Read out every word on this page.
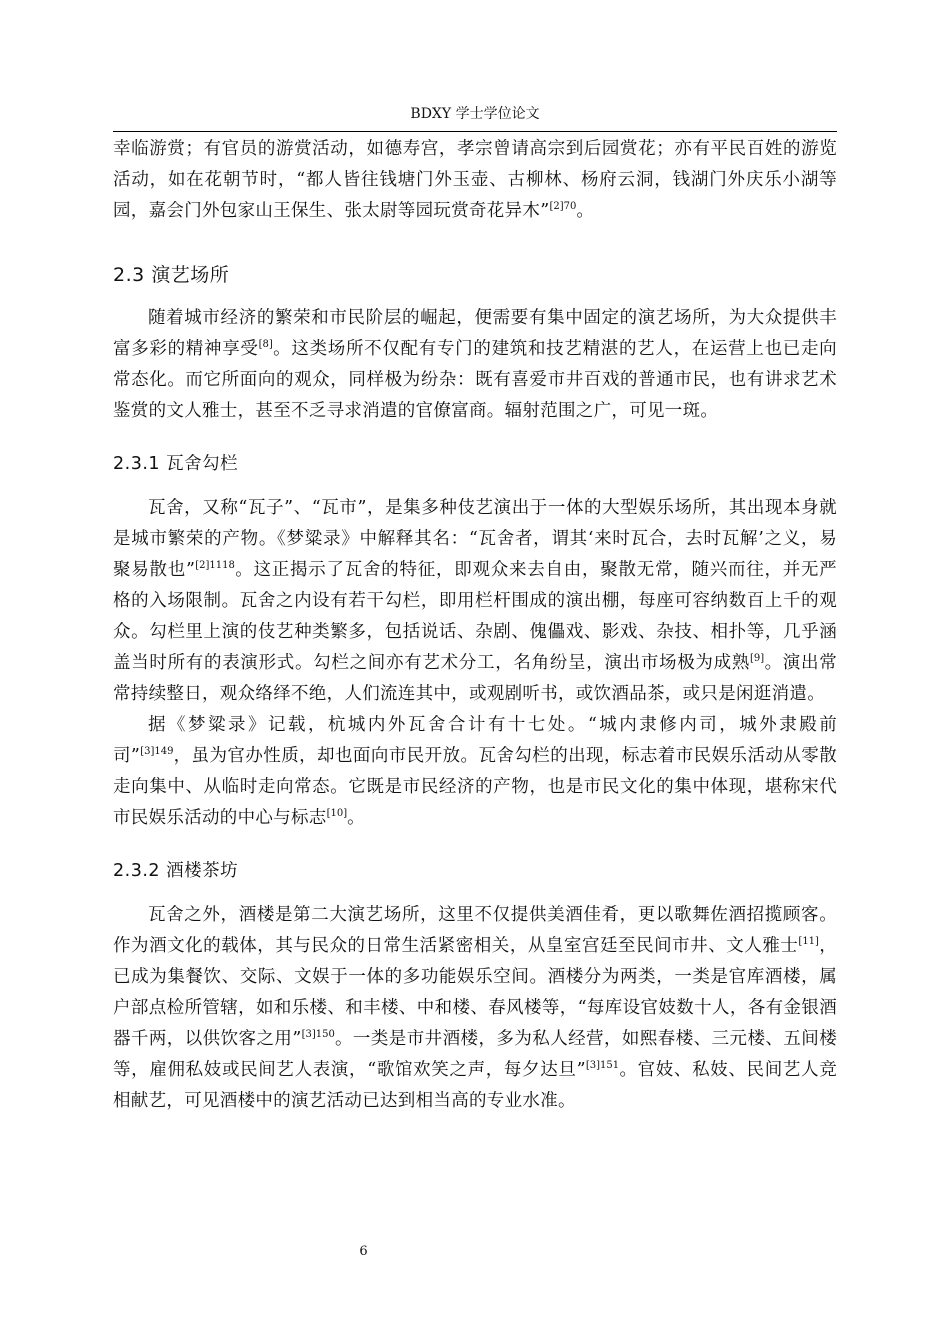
BDXY 学士学位论文

幸临游赏；有官员的游赏活动，如德寿宫，孝宗曾请高宗到后园赏花；亦有平民百姓的游览活动，如在花朝节时，“都人皆往钱塘门外玉壶、古柳林、杨府云洞，钱湖门外庆乐小湖等园，嘉会门外包家山王保生、张太尉等园玩赏奇花异木”$^{[2]70}$。

2.3 演艺场所

随着城市经济的繁荣和市民阶层的崛起，便需要有集中固定的演艺场所，为大众提供丰富多彩的精神享受[8]。这类场所不仅配有专门的建筑和技艺精湛的艺人，在运营上也已走向常态化。而它所面向的观众，同样极为纷杂：既有喜爱市井百戏的普通市民，也有讲求艺术鉴赏的文人雅士，甚至不乏寻求消遣的官僚富商。辐射范围之广，可见一斑。

2.3.1 瓦舍勾栏

瓦舍，又称“瓦子”、“瓦市”，是集多种伎艺演出于一体的大型娱乐场所，其出现本身就是城市繁荣的产物。《梦粱录》中解释其名：“瓦舍者，谓其‘来时瓦合，去时瓦解’之义，易聚易散也”$^{[2]1118}$。这正揭示了瓦舍的特征，即观众来去自由，聚散无常，随兴而往，并无严格的入场限制。瓦舍之内设有若干勾栏，即用栏杆围成的演出棚，每座可容纳数百上千的观众。勾栏里上演的伎艺种类繁多，包括说话、杂剧、傀儡戏、影戏、杂技、相扑等，几乎涵盖当时所有的表演形式。勾栏之间亦有艺术分工，名角纷呈，演出市场极为成熟[9]。演出常常持续整日，观众络绎不绝，人们流连其中，或观剧听书，或饮酒品茶，或只是闲逛消遣。

据《梦粱录》记载，杭城内外瓦舍合计有十七处。“城内隶修内司，城外隶殿前司”$^{[3]149}$，虽为官办性质，却也面向市民开放。瓦舍勾栏的出现，标志着市民娱乐活动从零散走向集中、从临时走向常态。它既是市民经济的产物，也是市民文化的集中体现，堪称宋代市民娱乐活动的中心与标志[10]。

2.3.2 酒楼茶坊

瓦舍之外，酒楼是第二大演艺场所，这里不仅提供美酒佳肴，更以歌舞佐酒招揽顾客。作为酒文化的载体，其与民众的日常生活紧密相关，从皇室宫廷至民间市井、文人雅士[11]，已成为集餐饮、交际、文娱于一体的多功能娱乐空间。酒楼分为两类，一类是官库酒楼，属户部点检所管辖，如和乐楼、和丰楼、中和楼、春风楼等，“每库设官妓数十人，各有金银酒器千两，以供饮客之用”$^{[3]150}$。一类是市井酒楼，多为私人经营，如熙春楼、三元楼、五间楼等，雇佣私妓或民间艺人表演，“歌馆欢笑之声，每夕达旦”$^{[3]151}$。官妓、私妓、民间艺人竞相献艺，可见酒楼中的演艺活动已达到相当高的专业水准。

6
